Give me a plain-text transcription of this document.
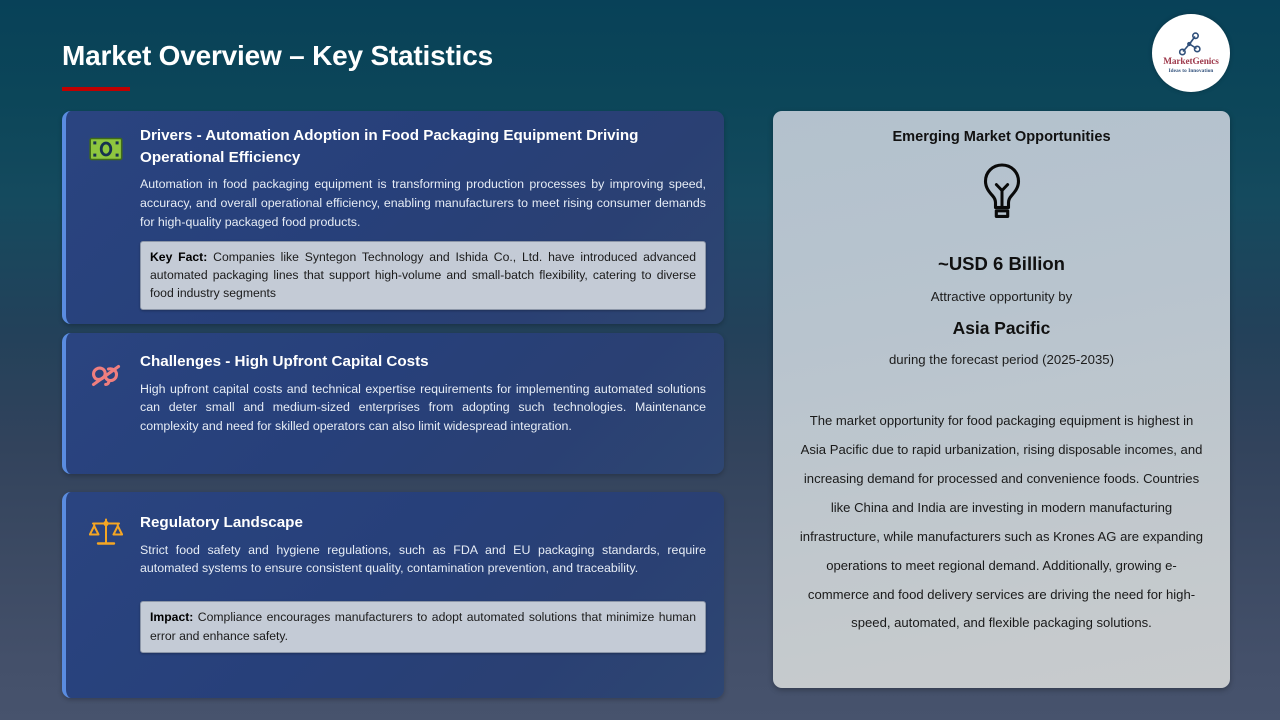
Market Overview – Key Statistics	MarketGenics
Ideas to Innovation
Drivers - Automation Adoption in Food Packaging Equipment Driving Operational Efficiency
Automation in food packaging equipment is transforming production processes by improving speed, accuracy, and overall operational efficiency, enabling manufacturers to meet rising consumer demands for high-quality packaged food products.
Key Fact: Companies like Syntegon Technology and Ishida Co., Ltd. have introduced advanced automated packaging lines that support high-volume and small-batch flexibility, catering to diverse food industry segments
Challenges - High Upfront Capital Costs
High upfront capital costs and technical expertise requirements for implementing automated solutions can deter small and medium-sized enterprises from adopting such technologies. Maintenance complexity and need for skilled operators can also limit widespread integration.
Regulatory Landscape
Strict food safety and hygiene regulations, such as FDA and EU packaging standards, require automated systems to ensure consistent quality, contamination prevention, and traceability.
Impact: Compliance encourages manufacturers to adopt automated solutions that minimize human error and enhance safety.
Emerging Market Opportunities
~USD 6 Billion
Attractive opportunity by
Asia Pacific
during the forecast period (2025-2035)
The market opportunity for food packaging equipment is highest in Asia Pacific due to rapid urbanization, rising disposable incomes, and increasing demand for processed and convenience foods. Countries like China and India are investing in modern manufacturing infrastructure, while manufacturers such as Krones AG are expanding operations to meet regional demand. Additionally, growing e-commerce and food delivery services are driving the need for high-speed, automated, and flexible packaging solutions.
